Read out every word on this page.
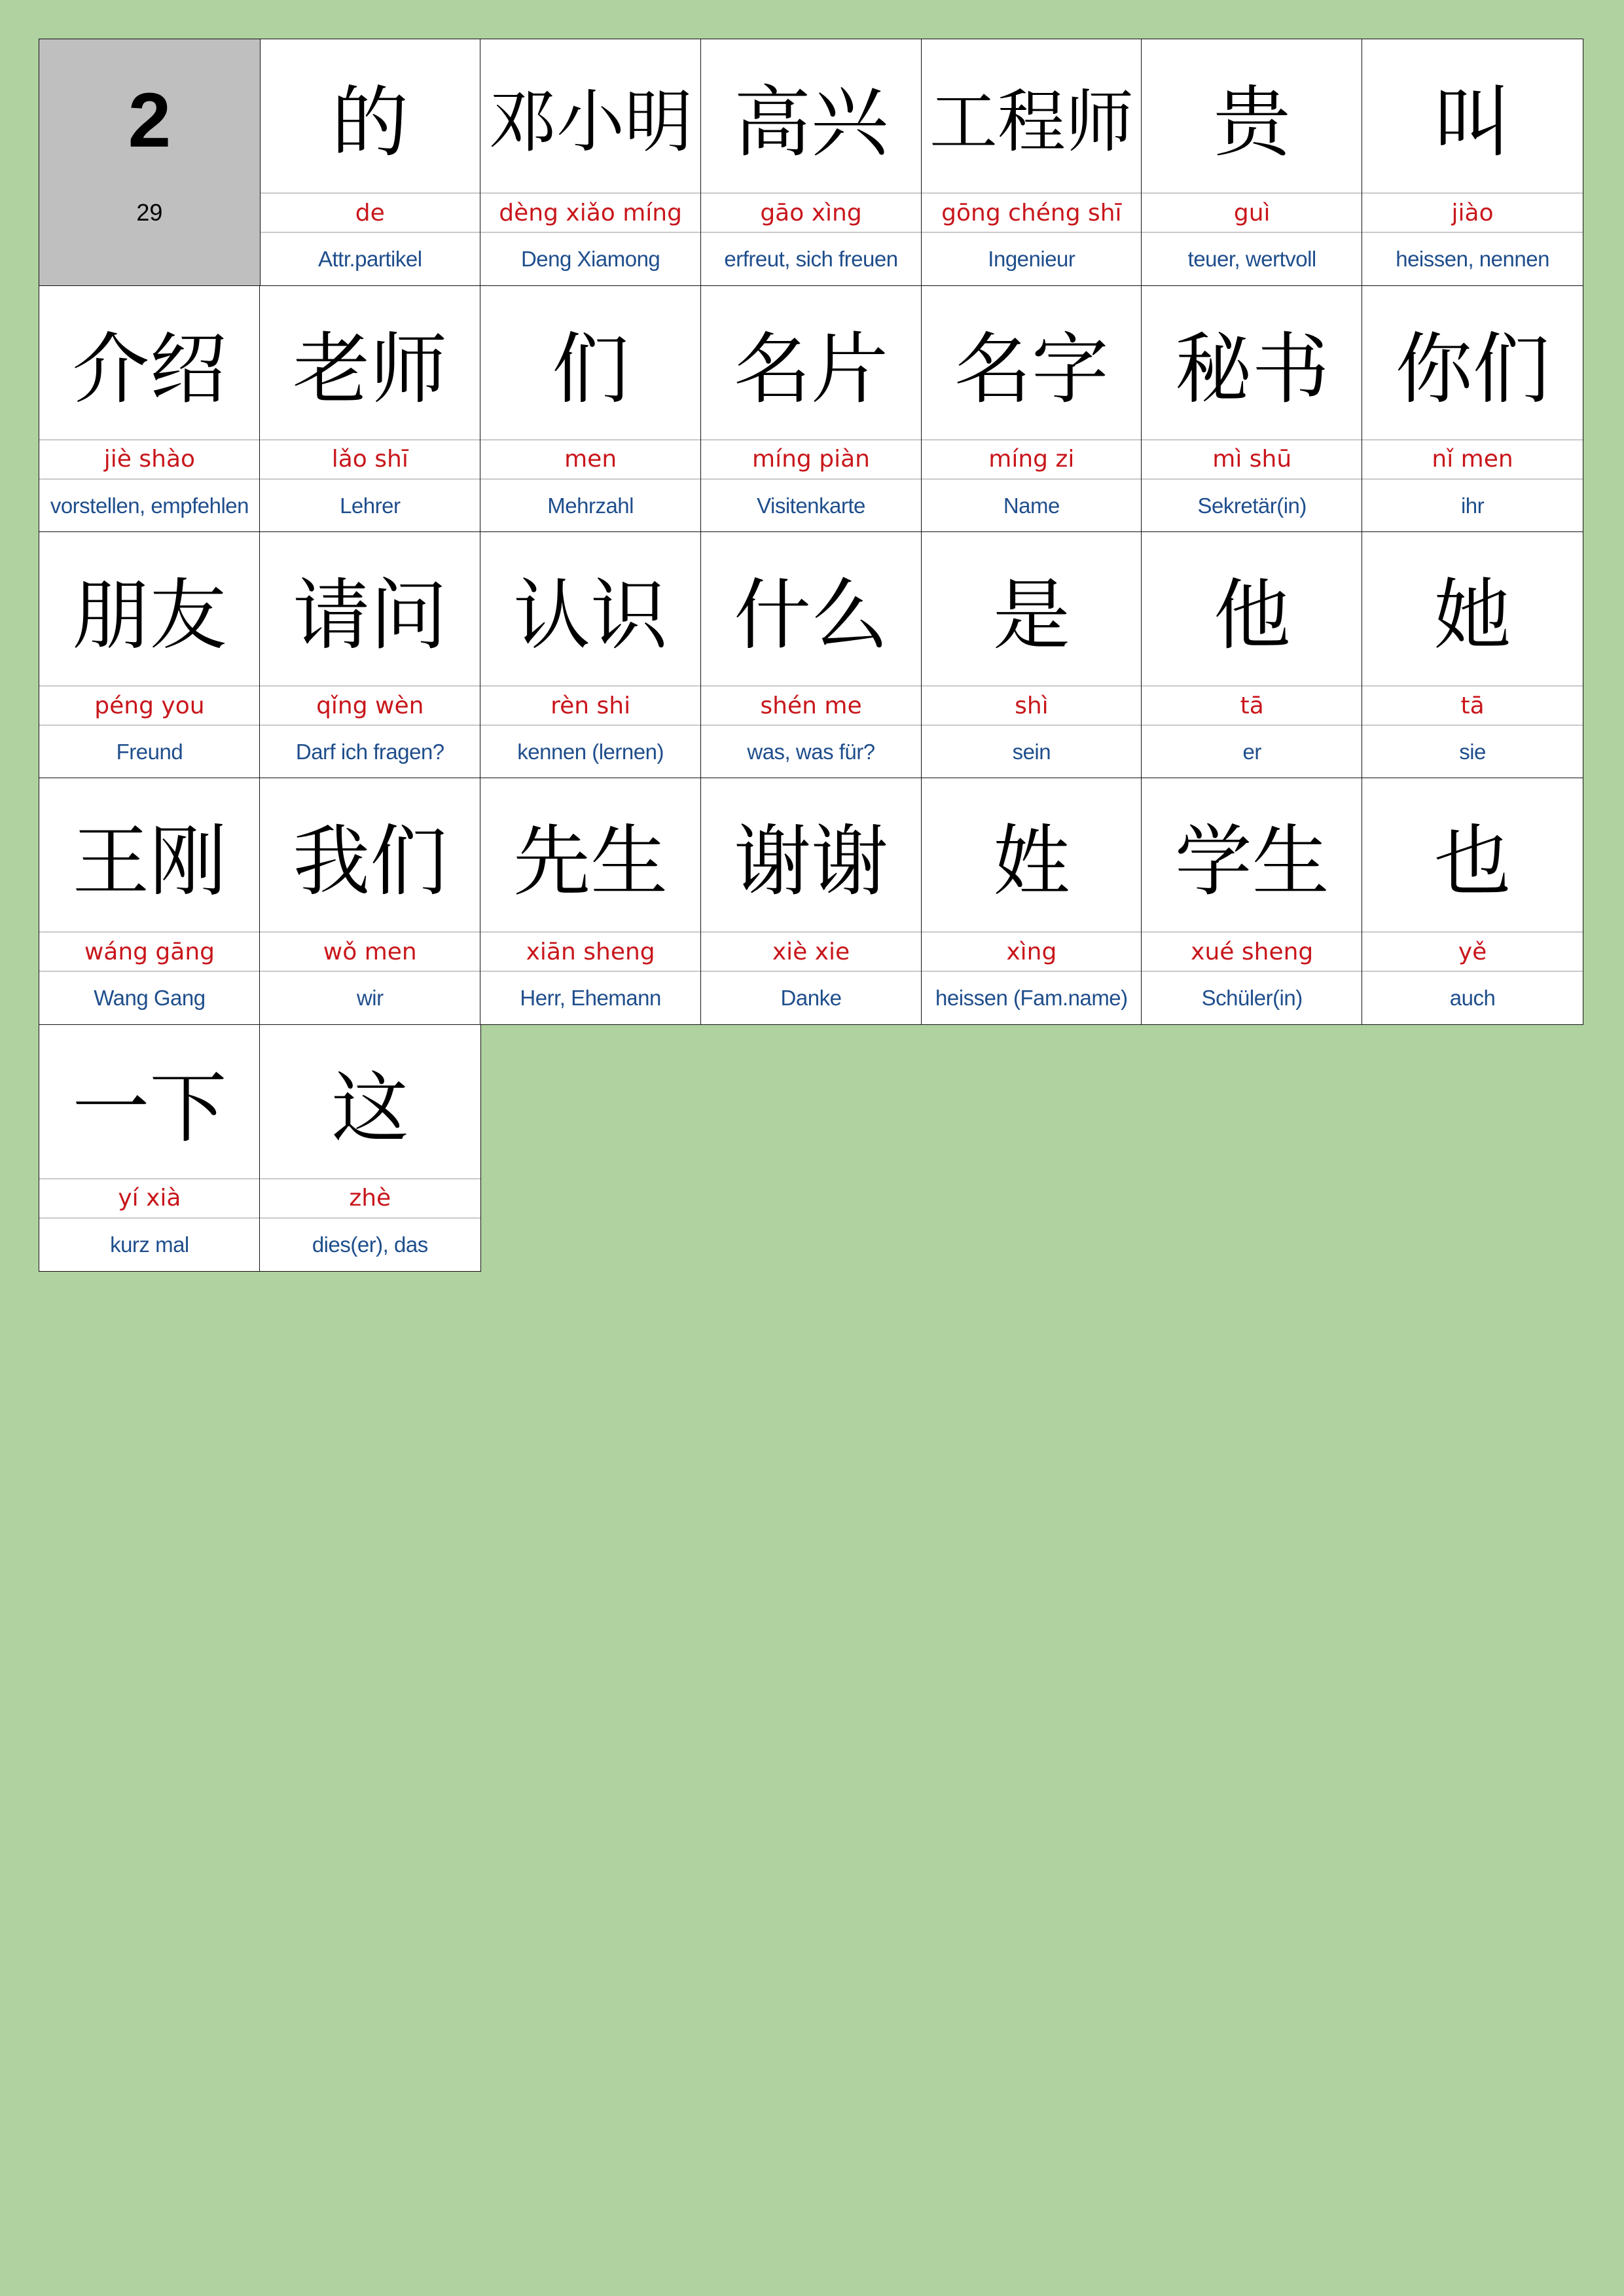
2
29
的
de
Attr.partikel
邓小明
dèng xiǎo míng
Deng Xiamong
高兴
gāo xìng
erfreut, sich freuen
工程师
gōng chéng shī
Ingenieur
贵
guì
teuer, wertvoll
叫
jiào
heissen, nennen
介绍
jiè shào
vorstellen, empfehlen
老师
lǎo shī
Lehrer
们
men
Mehrzahl
名片
míng piàn
Visitenkarte
名字
míng zi
Name
秘书
mì shū
Sekretär(in)
你们
nǐ men
ihr
朋友
péng you
Freund
请问
qǐng wèn
Darf ich fragen?
认识
rèn shi
kennen (lernen)
什么
shén me
was, was für?
是
shì
sein
他
tā
er
她
tā
sie
王刚
wáng gāng
Wang Gang
我们
wǒ men
wir
先生
xiān sheng
Herr, Ehemann
谢谢
xiè xie
Danke
姓
xìng
heissen (Fam.name)
学生
xué sheng
Schüler(in)
也
yě
auch
一下
yí xià
kurz mal
这
zhè
dies(er), das
